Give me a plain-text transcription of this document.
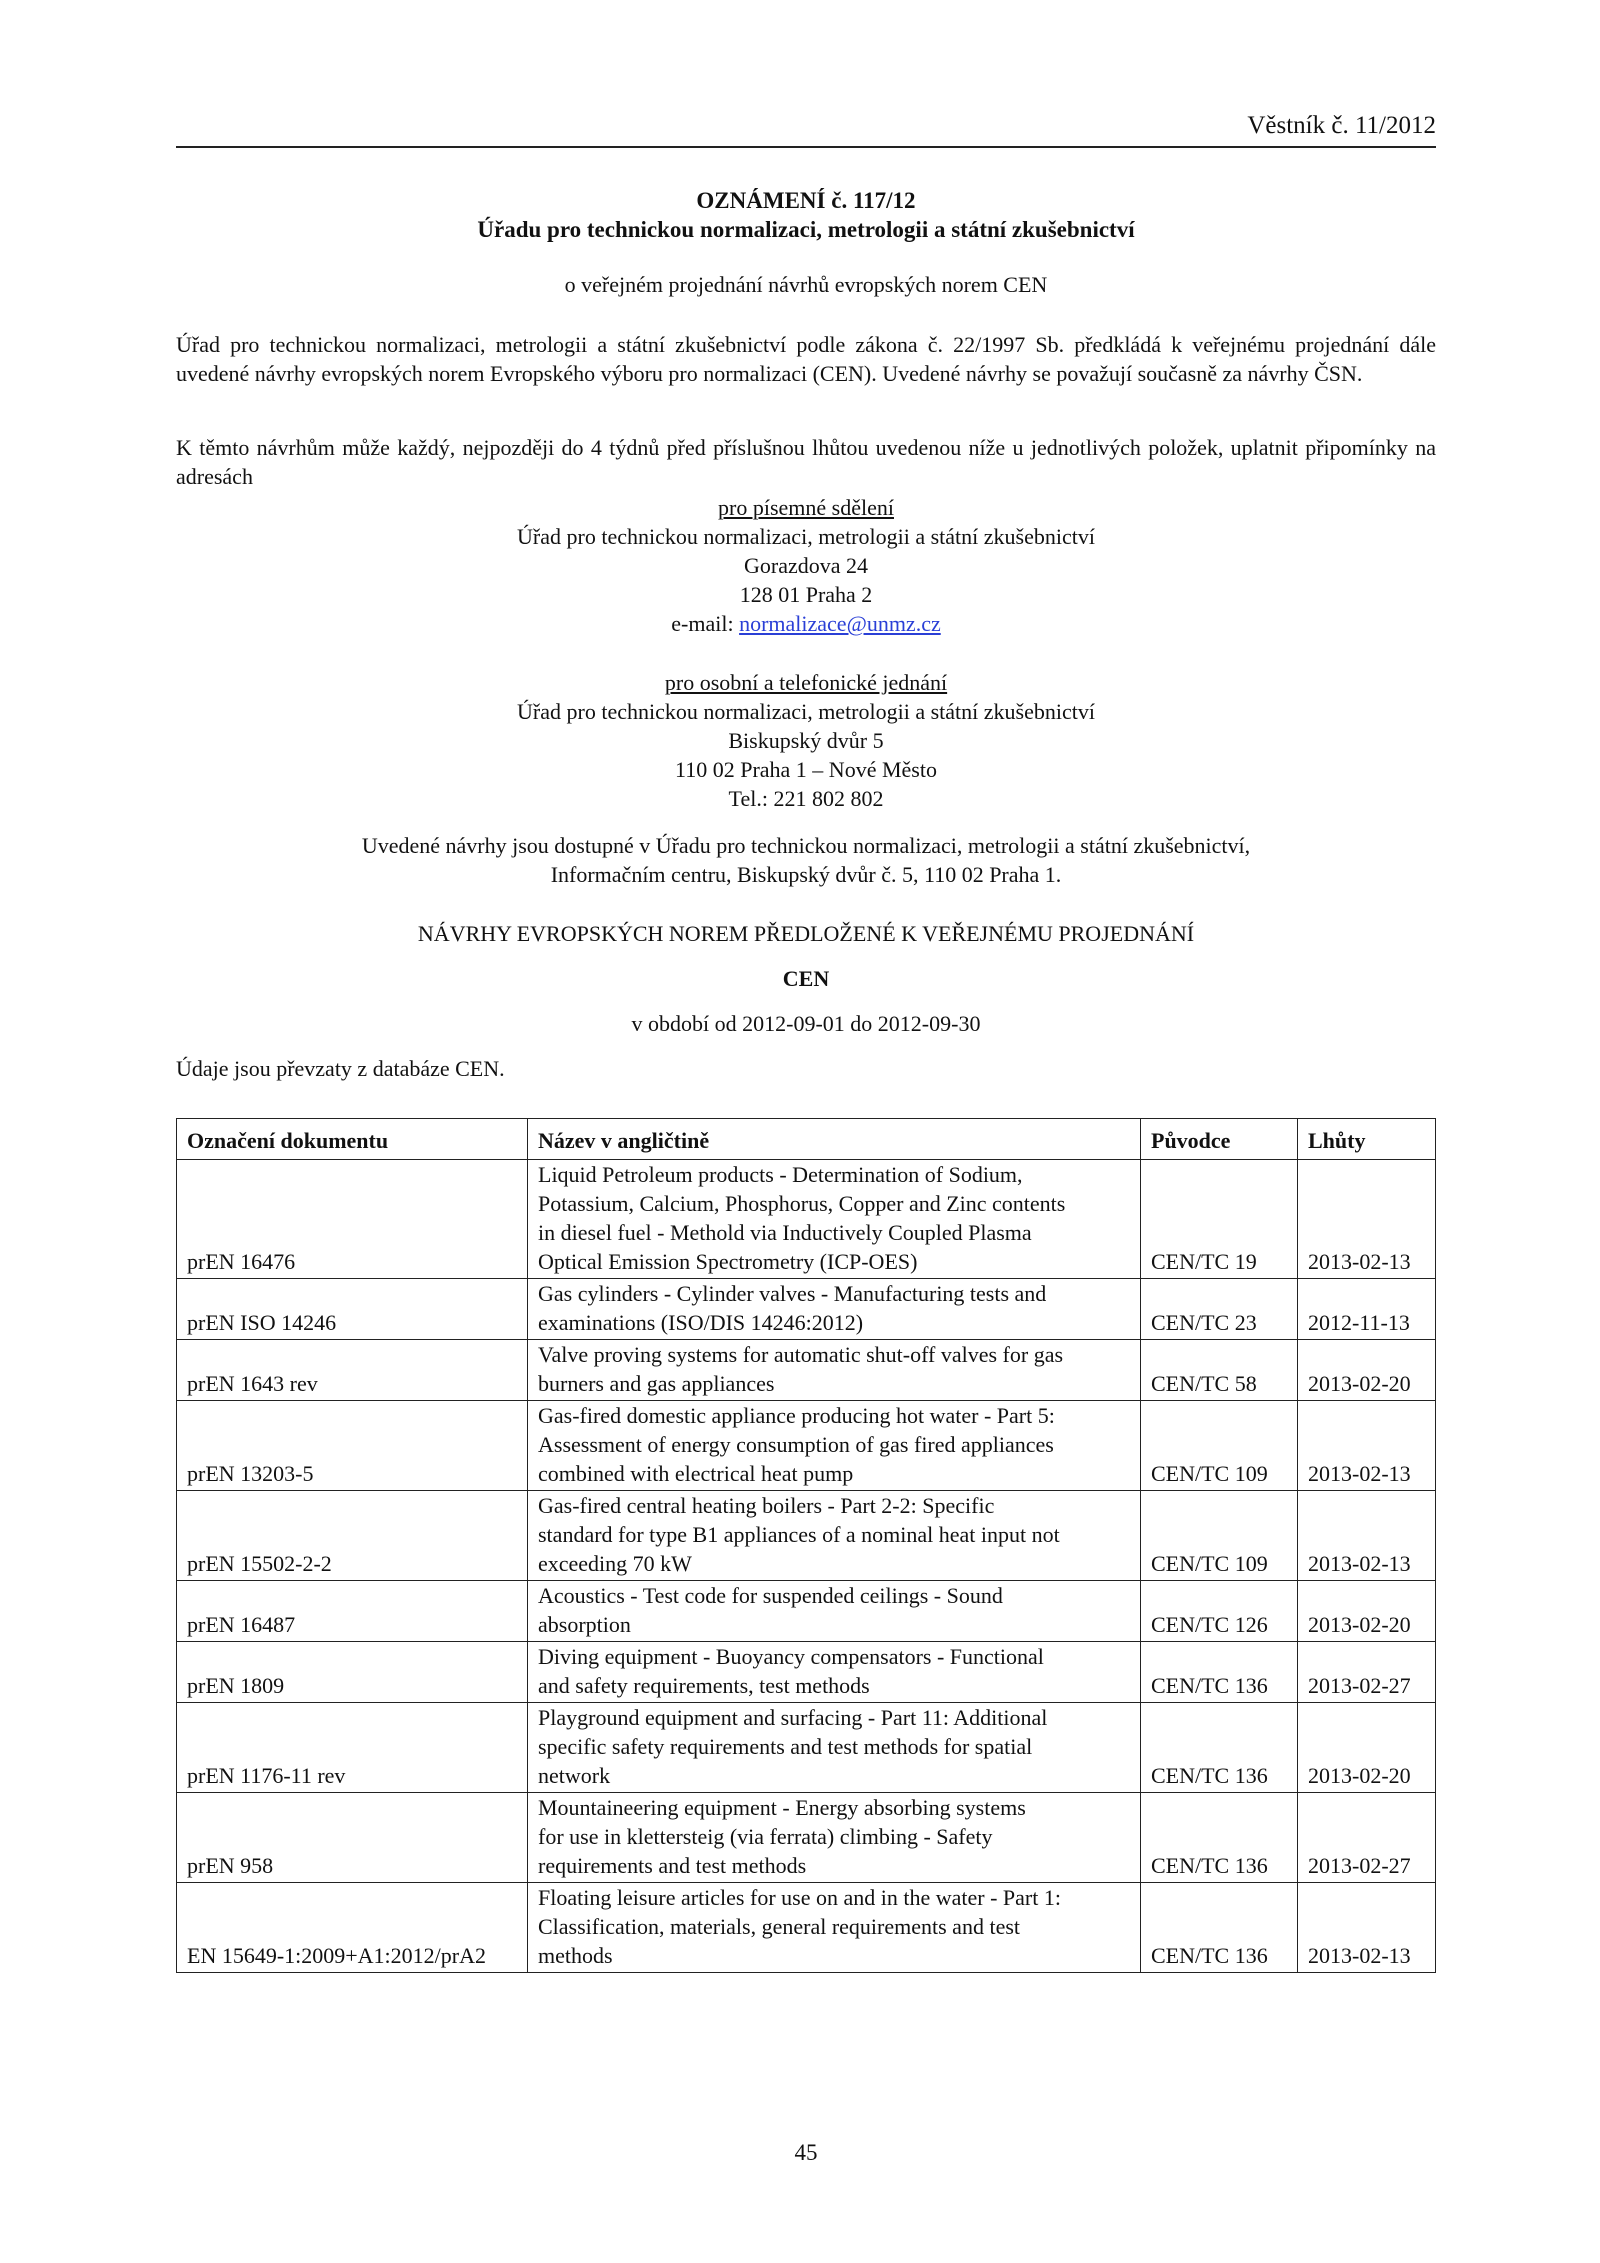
Věstník č. 11/2012
OZNÁMENÍ č. 117/12
Úřadu pro technickou normalizaci, metrologii a státní zkušebnictví
o veřejném projednání návrhů evropských norem CEN
Úřad pro technickou normalizaci, metrologii a státní zkušebnictví podle zákona č. 22/1997 Sb. předkládá k veřejnému projednání dále uvedené návrhy evropských norem Evropského výboru pro normalizaci (CEN). Uvedené návrhy se považují současně za návrhy ČSN.
K těmto návrhům může každý, nejpozději do 4 týdnů před příslušnou lhůtou uvedenou níže u jednotlivých položek, uplatnit připomínky na adresách
pro písemné sdělení
Úřad pro technickou normalizaci, metrologii a státní zkušebnictví
Gorazdova 24
128 01 Praha 2
e-mail: normalizace@unmz.cz
pro osobní a telefonické jednání
Úřad pro technickou normalizaci, metrologii a státní zkušebnictví
Biskupský dvůr 5
110 02 Praha 1 – Nové Město
Tel.: 221 802 802
Uvedené návrhy jsou dostupné v Úřadu pro technickou normalizaci, metrologii a státní zkušebnictví,
Informačním centru, Biskupský dvůr č. 5, 110 02 Praha 1.
NÁVRHY EVROPSKÝCH NOREM PŘEDLOŽENÉ K VEŘEJNÉMU PROJEDNÁNÍ
CEN
v období od 2012-09-01 do 2012-09-30
Údaje jsou převzaty z databáze CEN.
Označení dokumentu	Název v angličtině	Původce	Lhůty
prEN 16476	Liquid Petroleum products - Determination of Sodium,
Potassium, Calcium, Phosphorus, Copper and Zinc contents
in diesel fuel - Methold via Inductively Coupled Plasma
Optical Emission Spectrometry (ICP-OES)	CEN/TC 19	2013-02-13
prEN ISO 14246	Gas cylinders - Cylinder valves - Manufacturing tests and
examinations (ISO/DIS 14246:2012)	CEN/TC 23	2012-11-13
prEN 1643 rev	Valve proving systems for automatic shut-off valves for gas
burners and gas appliances	CEN/TC 58	2013-02-20
prEN 13203-5	Gas-fired domestic appliance producing hot water - Part 5:
Assessment of energy consumption of gas fired appliances
combined with electrical heat pump	CEN/TC 109	2013-02-13
prEN 15502-2-2	Gas-fired central heating boilers - Part 2-2: Specific
standard for type B1 appliances of a nominal heat input not
exceeding 70 kW	CEN/TC 109	2013-02-13
prEN 16487	Acoustics - Test code for suspended ceilings - Sound
absorption	CEN/TC 126	2013-02-20
prEN 1809	Diving equipment - Buoyancy compensators - Functional
and safety requirements, test methods	CEN/TC 136	2013-02-27
prEN 1176-11 rev	Playground equipment and surfacing - Part 11: Additional
specific safety requirements and test methods for spatial
network	CEN/TC 136	2013-02-20
prEN 958	Mountaineering equipment - Energy absorbing systems
for use in klettersteig (via ferrata) climbing - Safety
requirements and test methods	CEN/TC 136	2013-02-27
EN 15649-1:2009+A1:2012/prA2	Floating leisure articles for use on and in the water - Part 1:
Classification, materials, general requirements and test
methods	CEN/TC 136	2013-02-13
45
